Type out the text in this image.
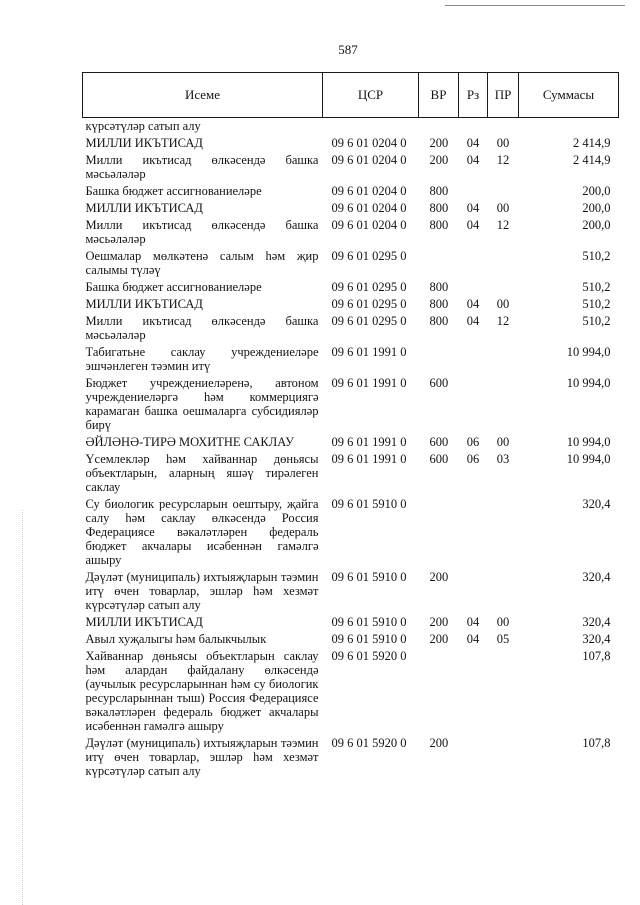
587
Исеме	ЦСР	ВР	Рз	ПР	Суммасы
күрсәтүләр сатып алу					
МИЛЛИ ИКЪТИСАД	09 6 01 0204 0	200	04	00	2 414,9
Милли икътисад өлкәсендә башка мәсьәләләр	09 6 01 0204 0	200	04	12	2 414,9
Башка бюджет ассигнованиеләре	09 6 01 0204 0	800			200,0
МИЛЛИ ИКЪТИСАД	09 6 01 0204 0	800	04	00	200,0
Милли икътисад өлкәсендә башка мәсьәләләр	09 6 01 0204 0	800	04	12	200,0
Оешмалар мөлкәтенә салым һәм җир салымы түләү	09 6 01 0295 0				510,2
Башка бюджет ассигнованиеләре	09 6 01 0295 0	800			510,2
МИЛЛИ ИКЪТИСАД	09 6 01 0295 0	800	04	00	510,2
Милли икътисад өлкәсендә башка мәсьәләләр	09 6 01 0295 0	800	04	12	510,2
Табигатьне саклау учреждениеләре эшчәнлеген тәэмин итү	09 6 01 1991 0				10 994,0
Бюджет учреждениеләренә, автоном учреждениеләргә һәм коммерциягә карамаган башка оешмаларга субсидияләр бирү	09 6 01 1991 0	600			10 994,0
ӘЙЛӘНӘ-ТИРӘ МОХИТНЕ САКЛАУ	09 6 01 1991 0	600	06	00	10 994,0
Үсемлекләр һәм хайваннар дөньясы объектларын, аларның яшәү тирәлеген саклау	09 6 01 1991 0	600	06	03	10 994,0
Су биологик ресурсларын оештыру, җайга салу һәм саклау өлкәсендә Россия Федерациясе вәкаләтләрен федераль бюджет акчалары исәбеннән гамәлгә ашыру	09 6 01 5910 0				320,4
Дәүләт (муниципаль) ихтыяҗларын тәэмин итү өчен товарлар, эшләр һәм хезмәт күрсәтүләр сатып алу	09 6 01 5910 0	200			320,4
МИЛЛИ ИКЪТИСАД	09 6 01 5910 0	200	04	00	320,4
Авыл хуҗалыгы һәм балыкчылык	09 6 01 5910 0	200	04	05	320,4
Хайваннар дөньясы объектларын саклау һәм алардан файдалану өлкәсендә (аучылык ресурсларыннан һәм су биологик ресурсларыннан тыш) Россия Федерациясе вәкаләтләрен федераль бюджет акчалары исәбеннән гамәлгә ашыру	09 6 01 5920 0				107,8
Дәүләт (муниципаль) ихтыяҗларын тәэмин итү өчен товарлар, эшләр һәм хезмәт күрсәтүләр сатып алу	09 6 01 5920 0	200			107,8
